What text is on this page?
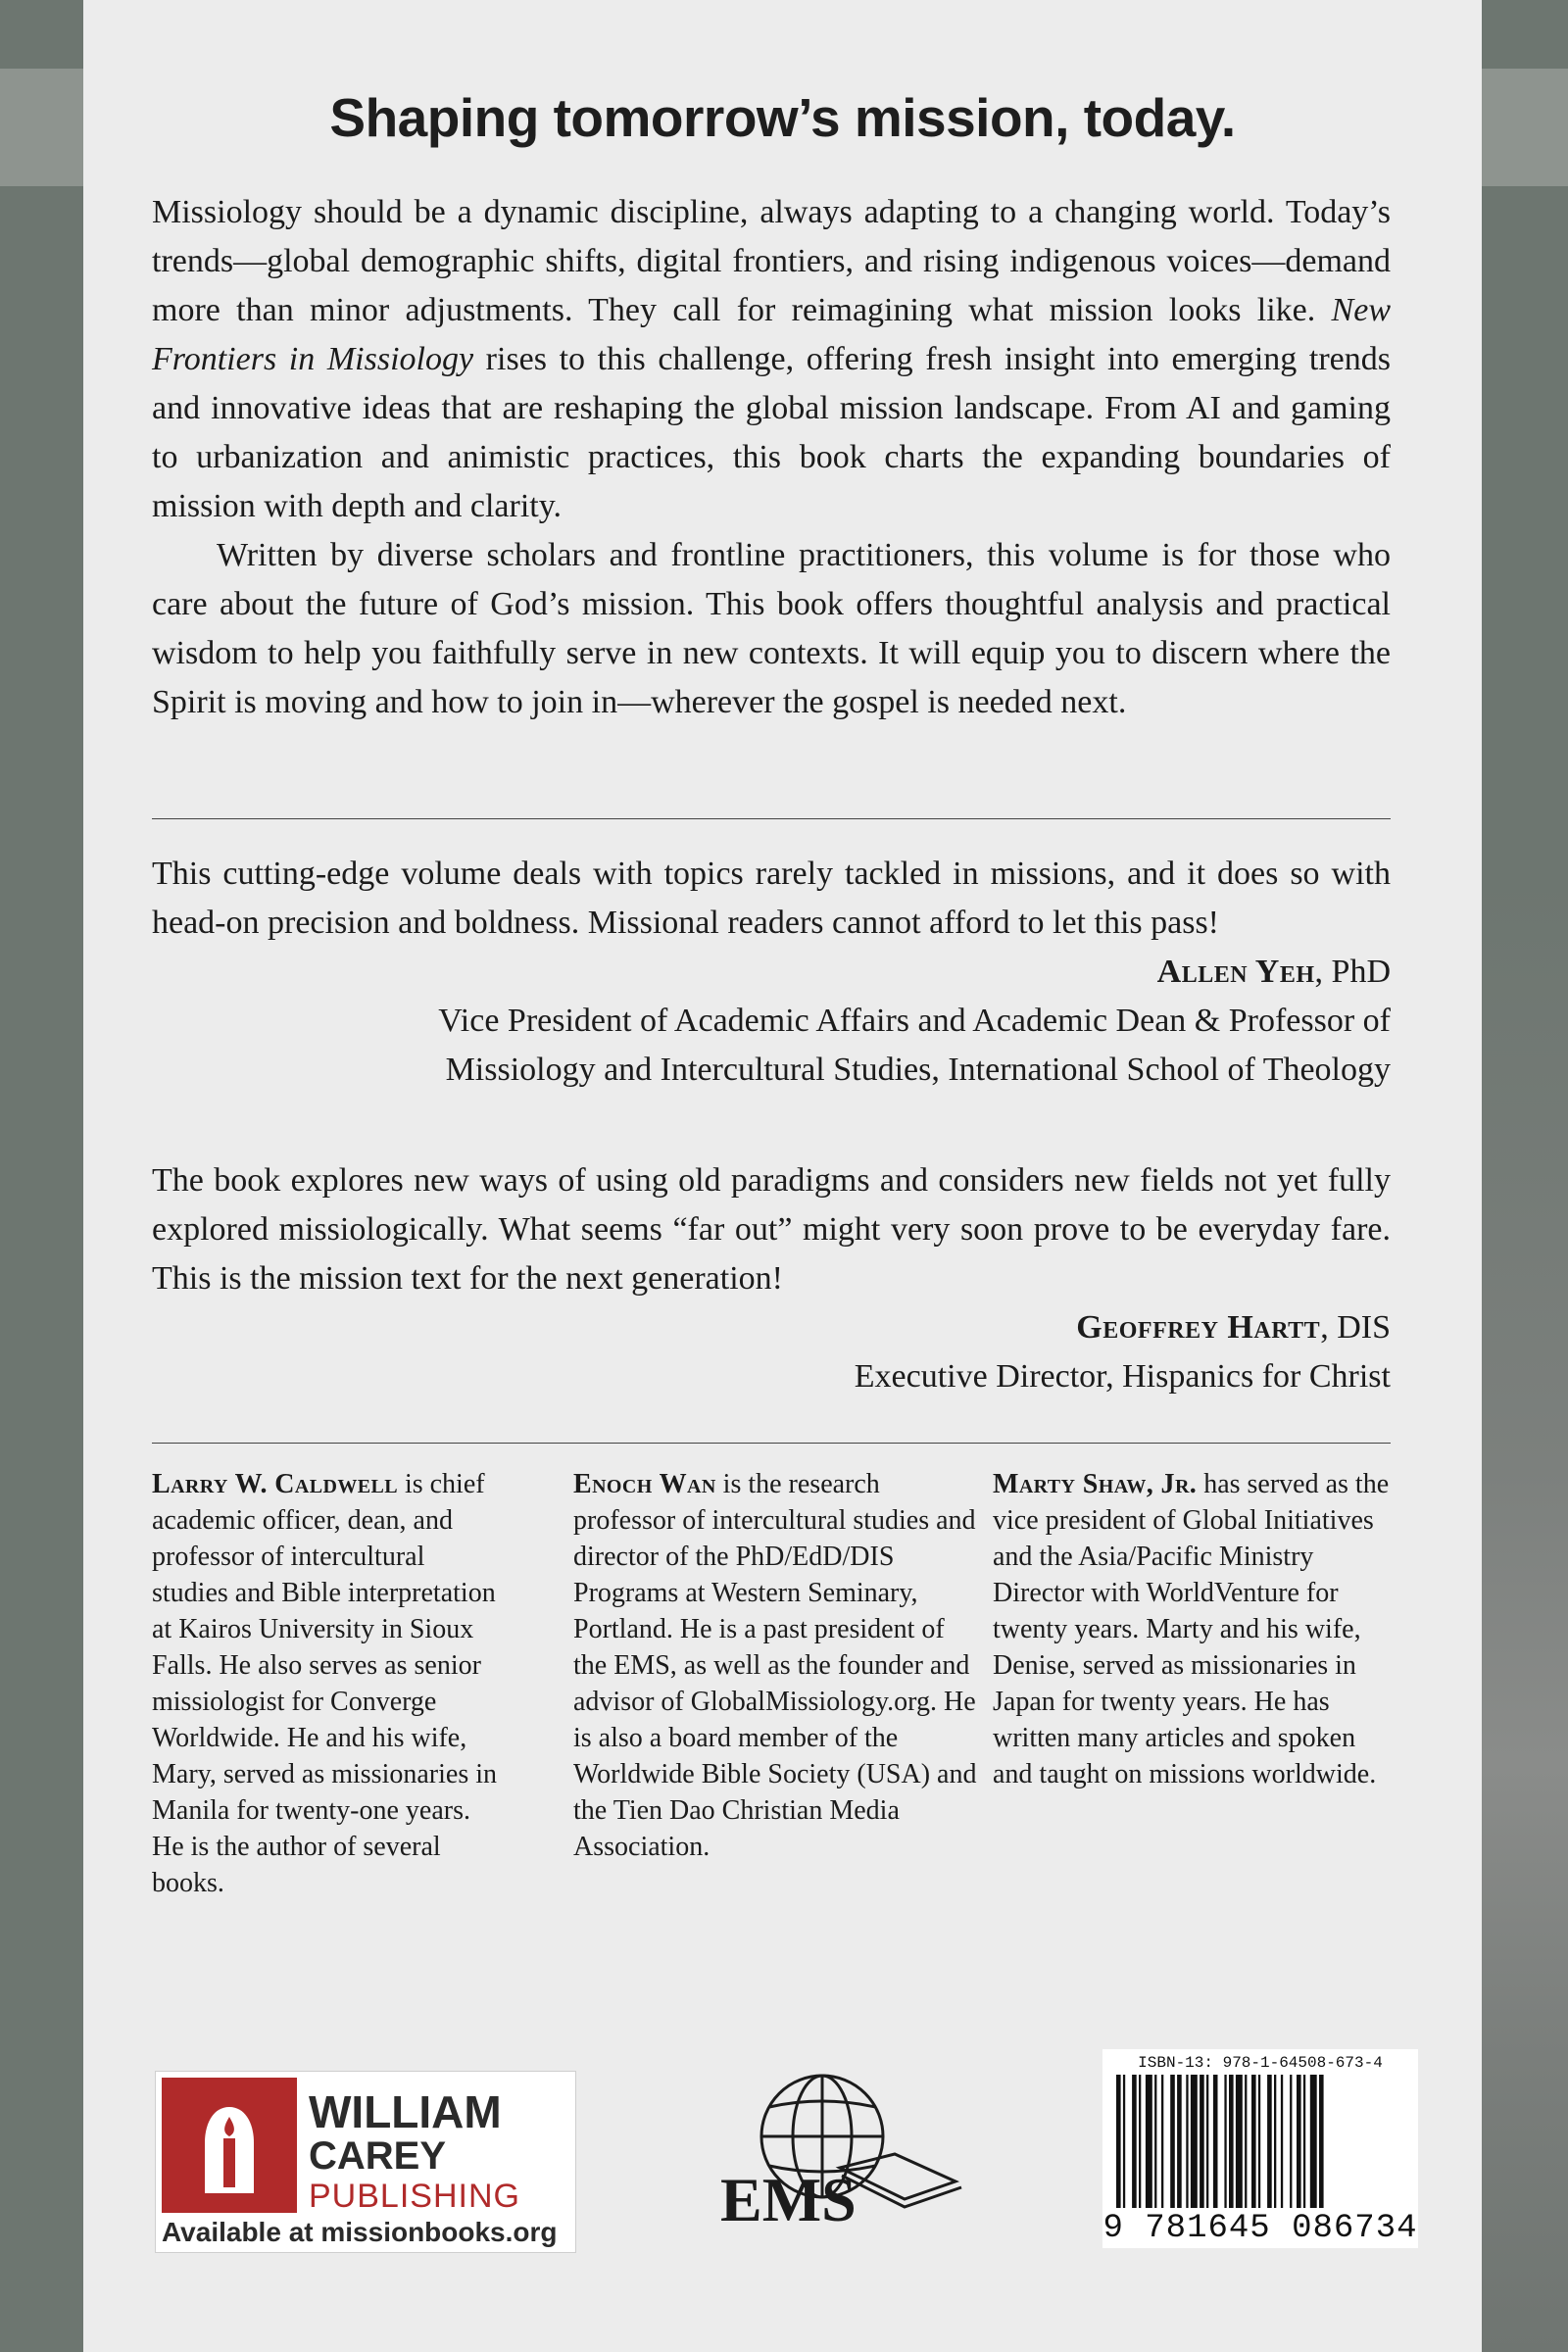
Shaping tomorrow’s mission, today.

Missiology should be a dynamic discipline, always adapting to a changing world. Today’s trends—global demographic shifts, digital frontiers, and rising indigenous voices—demand more than minor adjustments. They call for reimagining what mission looks like. New Frontiers in Missiology rises to this challenge, offering fresh insight into emerging trends and innovative ideas that are reshaping the global mission landscape. From AI and gaming to urbanization and animistic practices, this book charts the expanding boundaries of mission with depth and clarity.

Written by diverse scholars and frontline practitioners, this volume is for those who care about the future of God’s mission. This book offers thoughtful analysis and practical wisdom to help you faithfully serve in new contexts. It will equip you to discern where the Spirit is moving and how to join in—wherever the gospel is needed next.

This cutting-edge volume deals with topics rarely tackled in missions, and it does so with head-on precision and boldness. Missional readers cannot afford to let this pass!

Allen Yeh, PhD

Vice President of Academic Affairs and Academic Dean & Professor of Missiology and Intercultural Studies, International School of Theology

The book explores new ways of using old paradigms and considers new fields not yet fully explored missiologically. What seems “far out” might very soon prove to be everyday fare. This is the mission text for the next generation!

Geoffrey Hartt, DIS

Executive Director, Hispanics for Christ

Larry W. Caldwell is chief academic officer, dean, and professor of intercultural studies and Bible interpretation at Kairos University in Sioux Falls. He also serves as senior missiologist for Converge Worldwide. He and his wife, Mary, served as missionaries in Manila for twenty-one years. He is the author of several books.

Enoch Wan is the research professor of intercultural studies and director of the PhD/EdD/DIS Programs at Western Seminary, Portland. He is a past president of the EMS, as well as the founder and advisor of GlobalMissiology.org. He is also a board member of the Worldwide Bible Society (USA) and the Tien Dao Christian Media Association.

Marty Shaw, Jr. has served as the vice president of Global Initiatives and the Asia/Pacific Ministry Director with WorldVenture for twenty years. Marty and his wife, Denise, served as missionaries in Japan for twenty years. He has written many articles and spoken and taught on missions worldwide.

WILLIAM
CAREY
PUBLISHING
Available at missionbooks.org	EMS
ISBN-13: 978-1-64508-673-4
9 781645 086734
